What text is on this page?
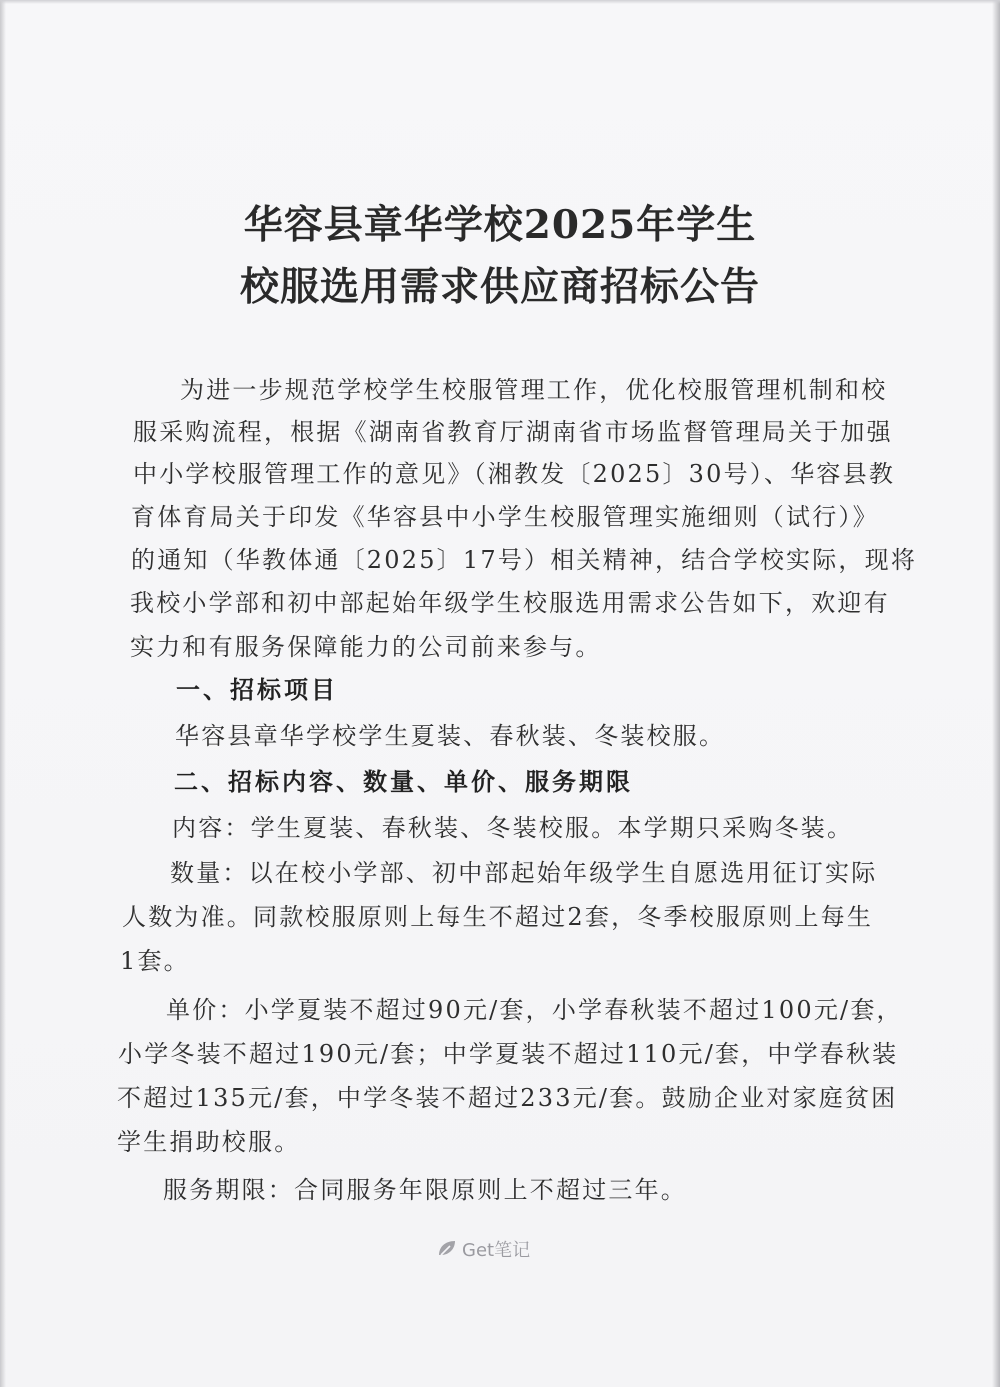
华容县章华学校2025年学生
校服选用需求供应商招标公告
为进一步规范学校学生校服管理工作，优化校服管理机制和校
服采购流程，根据《湖南省教育厅湖南省市场监督管理局关于加强
中小学校服管理工作的意见》（湘教发〔2025〕30号）、华容县教
育体育局关于印发《华容县中小学生校服管理实施细则（试行）》
的通知（华教体通〔2025〕17号）相关精神，结合学校实际，现将
我校小学部和初中部起始年级学生校服选用需求公告如下，欢迎有
实力和有服务保障能力的公司前来参与。
一、招标项目
华容县章华学校学生夏装、春秋装、冬装校服。
二、招标内容、数量、单价、服务期限
内容：学生夏装、春秋装、冬装校服。本学期只采购冬装。
数量：以在校小学部、初中部起始年级学生自愿选用征订实际
人数为准。同款校服原则上每生不超过2套，冬季校服原则上每生
1套。
单价：小学夏装不超过90元/套，小学春秋装不超过100元/套，
小学冬装不超过190元/套；中学夏装不超过110元/套，中学春秋装
不超过135元/套，中学冬装不超过233元/套。鼓励企业对家庭贫困
学生捐助校服。
服务期限：合同服务年限原则上不超过三年。
Get笔记
